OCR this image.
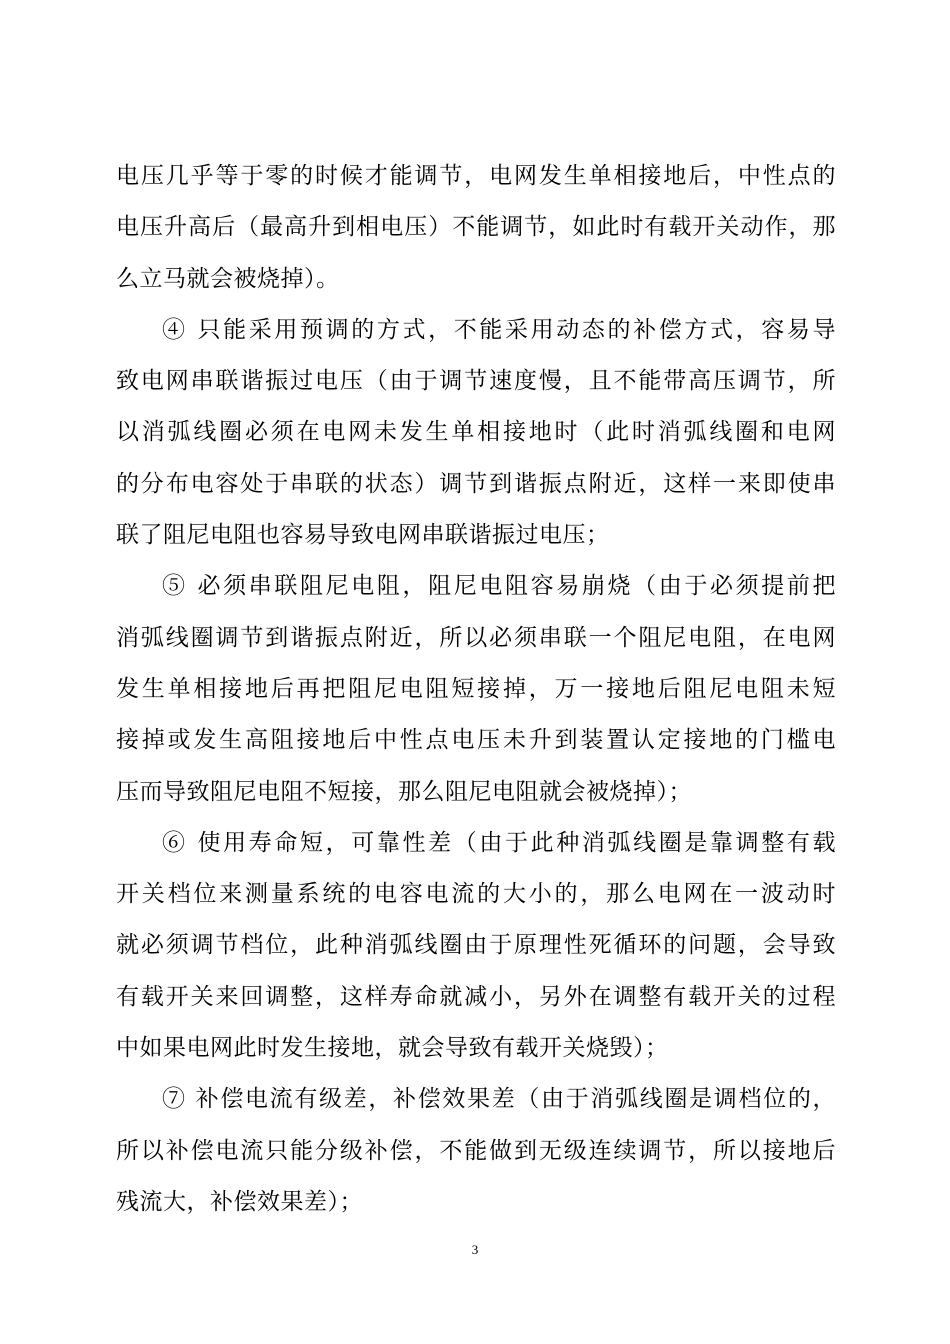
电压几乎等于零的时候才能调节，电网发生单相接地后，中性点的
电压升高后（最高升到相电压）不能调节，如此时有载开关动作，那
么立马就会被烧掉）。
④ 只能采用预调的方式，不能采用动态的补偿方式，容易导
致电网串联谐振过电压（由于调节速度慢，且不能带高压调节，所
以消弧线圈必须在电网未发生单相接地时（此时消弧线圈和电网
的分布电容处于串联的状态）调节到谐振点附近，这样一来即使串
联了阻尼电阻也容易导致电网串联谐振过电压；
⑤ 必须串联阻尼电阻，阻尼电阻容易崩烧（由于必须提前把
消弧线圈调节到谐振点附近，所以必须串联一个阻尼电阻，在电网
发生单相接地后再把阻尼电阻短接掉，万一接地后阻尼电阻未短
接掉或发生高阻接地后中性点电压未升到装置认定接地的门槛电
压而导致阻尼电阻不短接，那么阻尼电阻就会被烧掉）；
⑥ 使用寿命短，可靠性差（由于此种消弧线圈是靠调整有载
开关档位来测量系统的电容电流的大小的，那么电网在一波动时
就必须调节档位，此种消弧线圈由于原理性死循环的问题，会导致
有载开关来回调整，这样寿命就减小，另外在调整有载开关的过程
中如果电网此时发生接地，就会导致有载开关烧毁）；
⑦ 补偿电流有级差，补偿效果差（由于消弧线圈是调档位的，
所以补偿电流只能分级补偿，不能做到无级连续调节，所以接地后
残流大，补偿效果差）；
3
